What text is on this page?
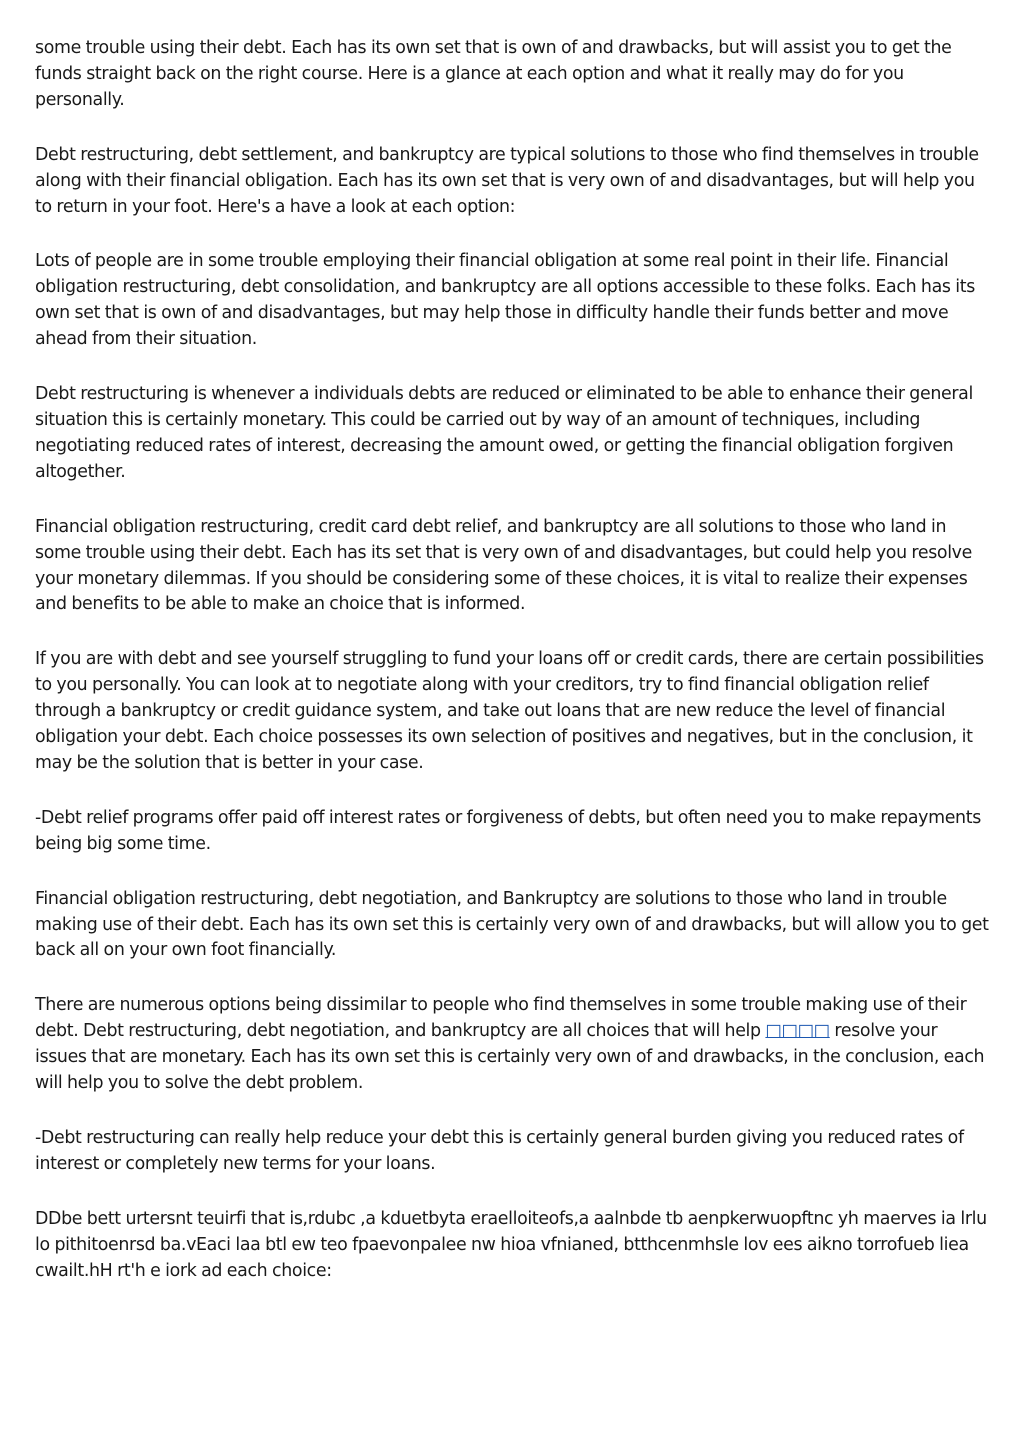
some trouble using their debt. Each has its own set that is own of and drawbacks, but will assist you to get the funds straight back on the right course. Here is a glance at each option and what it really may do for you personally.

Debt restructuring, debt settlement, and bankruptcy are typical solutions to those who find themselves in trouble along with their financial obligation. Each has its own set that is very own of and disadvantages, but will help you to return in your foot. Here's a have a look at each option:

Lots of people are in some trouble employing their financial obligation at some real point in their life. Financial obligation restructuring, debt consolidation, and bankruptcy are all options accessible to these folks. Each has its own set that is own of and disadvantages, but may help those in difficulty handle their funds better and move ahead from their situation.

Debt restructuring is whenever a individuals debts are reduced or eliminated to be able to enhance their general situation this is certainly monetary. This could be carried out by way of an amount of techniques, including negotiating reduced rates of interest, decreasing the amount owed, or getting the financial obligation forgiven altogether.

Financial obligation restructuring, credit card debt relief, and bankruptcy are all solutions to those who land in some trouble using their debt. Each has its set that is very own of and disadvantages, but could help you resolve your monetary dilemmas. If you should be considering some of these choices, it is vital to realize their expenses and benefits to be able to make an choice that is informed.

If you are with debt and see yourself struggling to fund your loans off or credit cards, there are certain possibilities to you personally. You can look at to negotiate along with your creditors, try to find financial obligation relief through a bankruptcy or credit guidance system, and take out loans that are new reduce the level of financial obligation your debt. Each choice possesses its own selection of positives and negatives, but in the conclusion, it may be the solution that is better in your case.

-Debt relief programs offer paid off interest rates or forgiveness of debts, but often need you to make repayments being big some time.

Financial obligation restructuring, debt negotiation, and Bankruptcy are solutions to those who land in trouble making use of their debt. Each has its own set this is certainly very own of and drawbacks, but will allow you to get back all on your own foot financially.

There are numerous options being dissimilar to people who find themselves in some trouble making use of their debt. Debt restructuring, debt negotiation, and bankruptcy are all choices that will help □□□□ resolve your issues that are monetary. Each has its own set this is certainly very own of and drawbacks, in the conclusion, each will help you to solve the debt problem.

-Debt restructuring can really help reduce your debt this is certainly general burden giving you reduced rates of interest or completely new terms for your loans.

DDbe bett urtersnt teuirfi that is,rdubc ,a kduetbyta eraelloiteofs,a aalnbde tb aenpkerwuopftnc yh maerves ia lrlu lo pithitoenrsd ba.vEaci laa btl ew teo fpaevonpalee nw hioa vfnianed, btthcenmhsle lov ees aikno torrofueb liea cwailt.hH rt'h e iork ad each choice:
